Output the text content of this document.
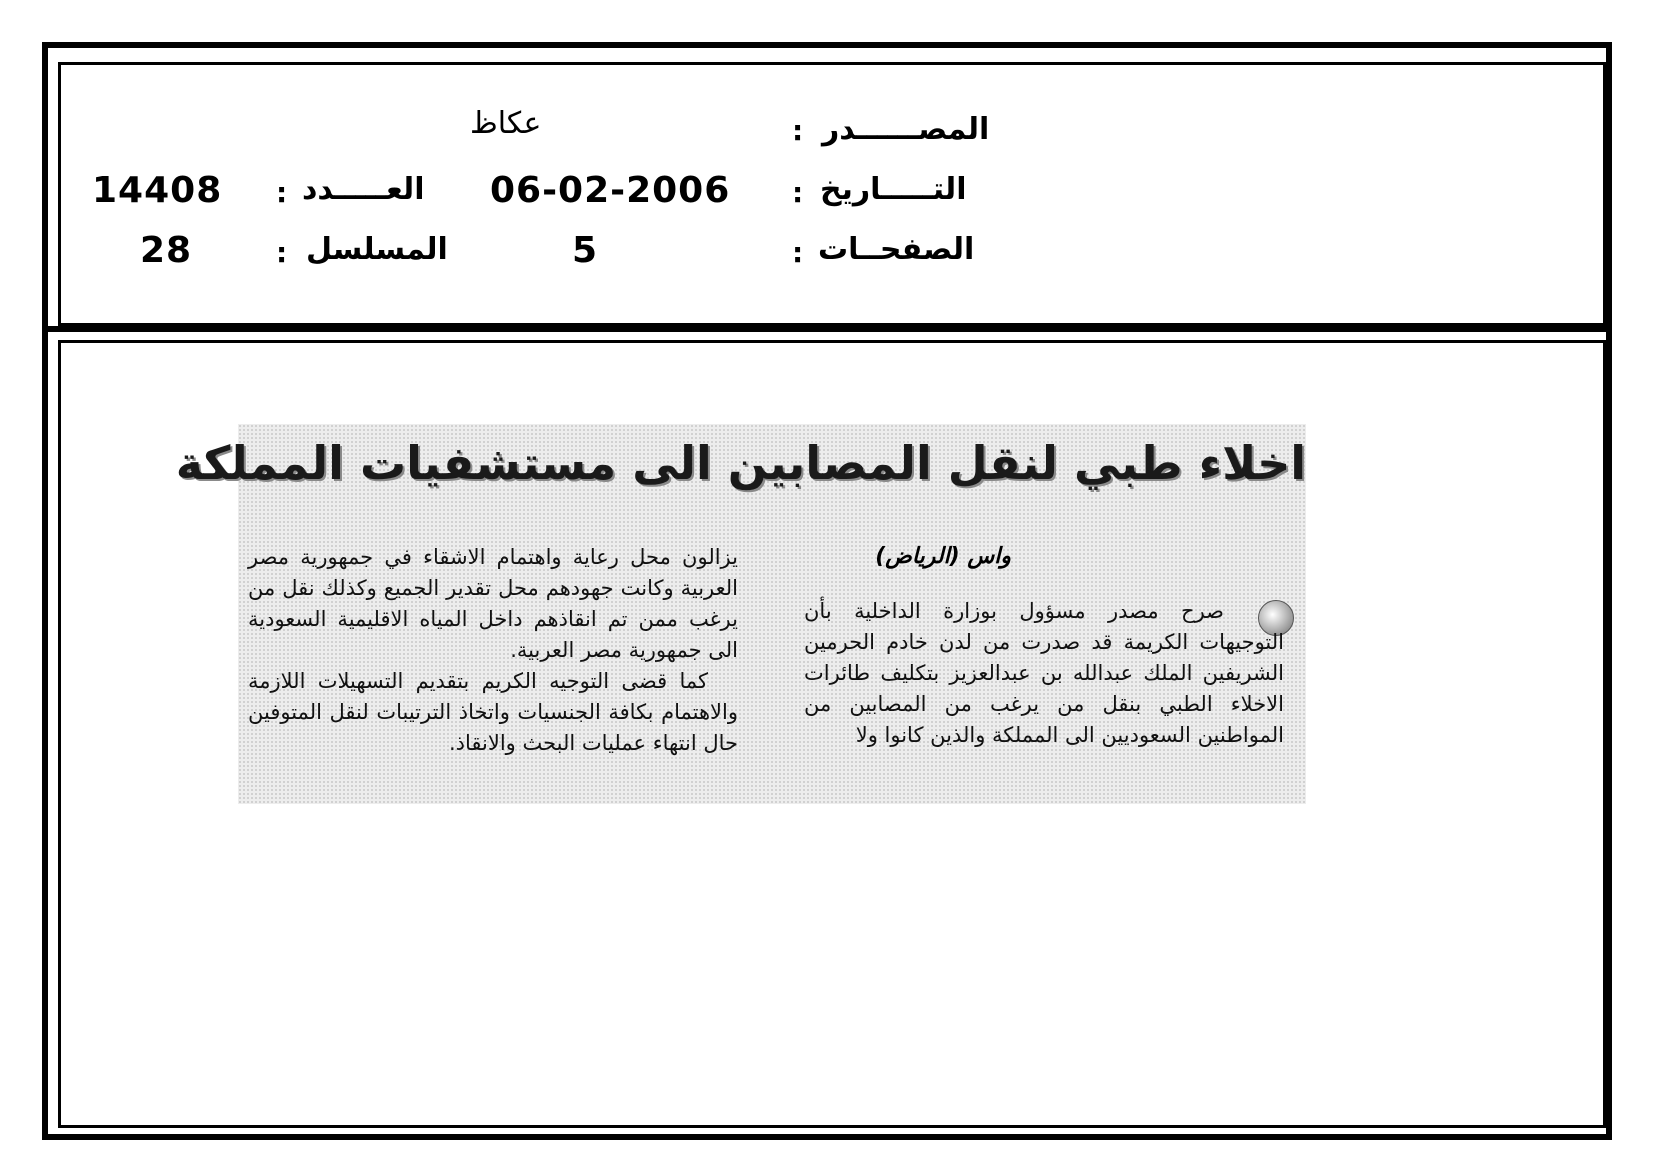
المصــــــدر
:
عكاظ
التـــــاريخ
:
06-02-2006
العـــــدد
:
14408
الصفحــات
:
5
المسلسل
:
28
اخلاء طبي لنقل المصابين الى مستشفيات المملكة
واس (الرياض)

صرح مصدر مسؤول بوزارة الداخلية بأن التوجيهات الكريمة قد صدرت من لدن خادم الحرمين الشريفين الملك عبدالله بن عبدالعزيز بتكليف طائرات الاخلاء الطبي بنقل من يرغب من المصابين من المواطنين السعوديين الى المملكة والذين كانوا ولا

يزالون محل رعاية واهتمام الاشقاء في جمهورية مصر العربية وكانت جهودهم محل تقدير الجميع وكذلك نقل من يرغب ممن تم انقاذهم داخل المياه الاقليمية السعودية الى جمهورية مصر العربية.

كما قضى التوجيه الكريم بتقديم التسهيلات اللازمة والاهتمام بكافة الجنسيات واتخاذ الترتيبات لنقل المتوفين حال انتهاء عمليات البحث والانقاذ.
